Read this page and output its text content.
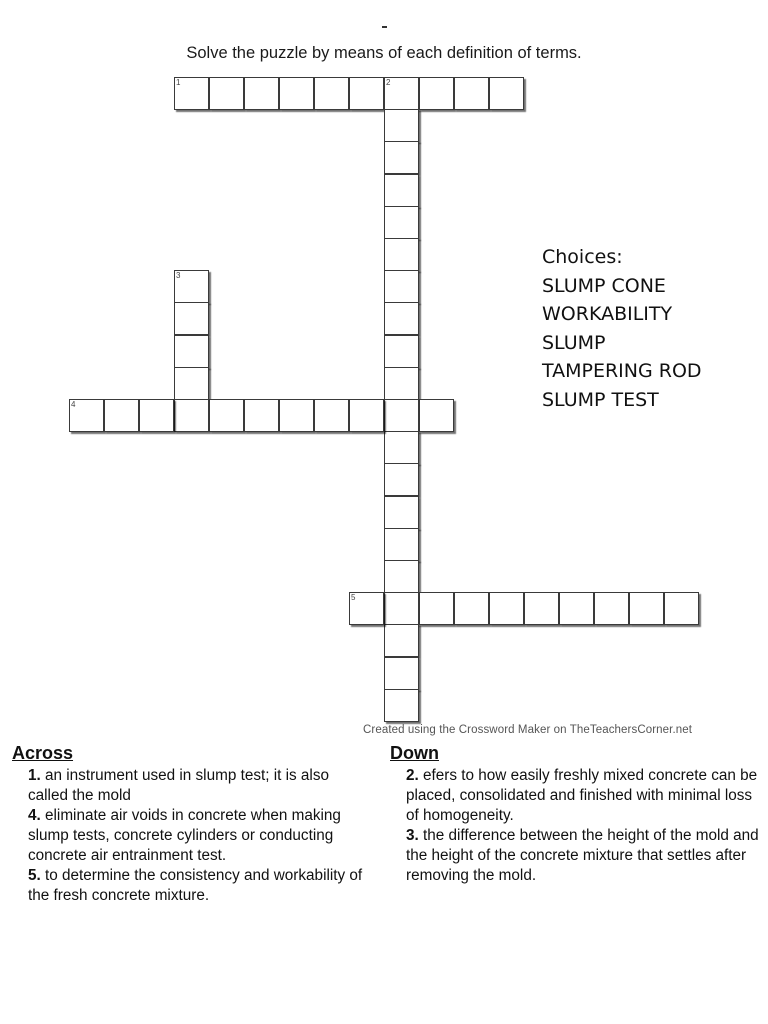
Solve the puzzle by means of each definition of terms.
1	2
3
4
5
Choices:
SLUMP CONE
WORKABILITY
SLUMP
TAMPERING ROD
SLUMP TEST
Created using the Crossword Maker on TheTeachersCorner.net
Across
1. an instrument used in slump test; it is also called the mold
4. eliminate air voids in concrete when making slump tests, concrete cylinders or conducting concrete air entrainment test.
5. to determine the consistency and workability of the fresh concrete mixture.
Down
2. efers to how easily freshly mixed concrete can be placed, consolidated and finished with minimal loss of homogeneity.
3. the difference between the height of the mold and the height of the concrete mixture that settles after removing the mold.
